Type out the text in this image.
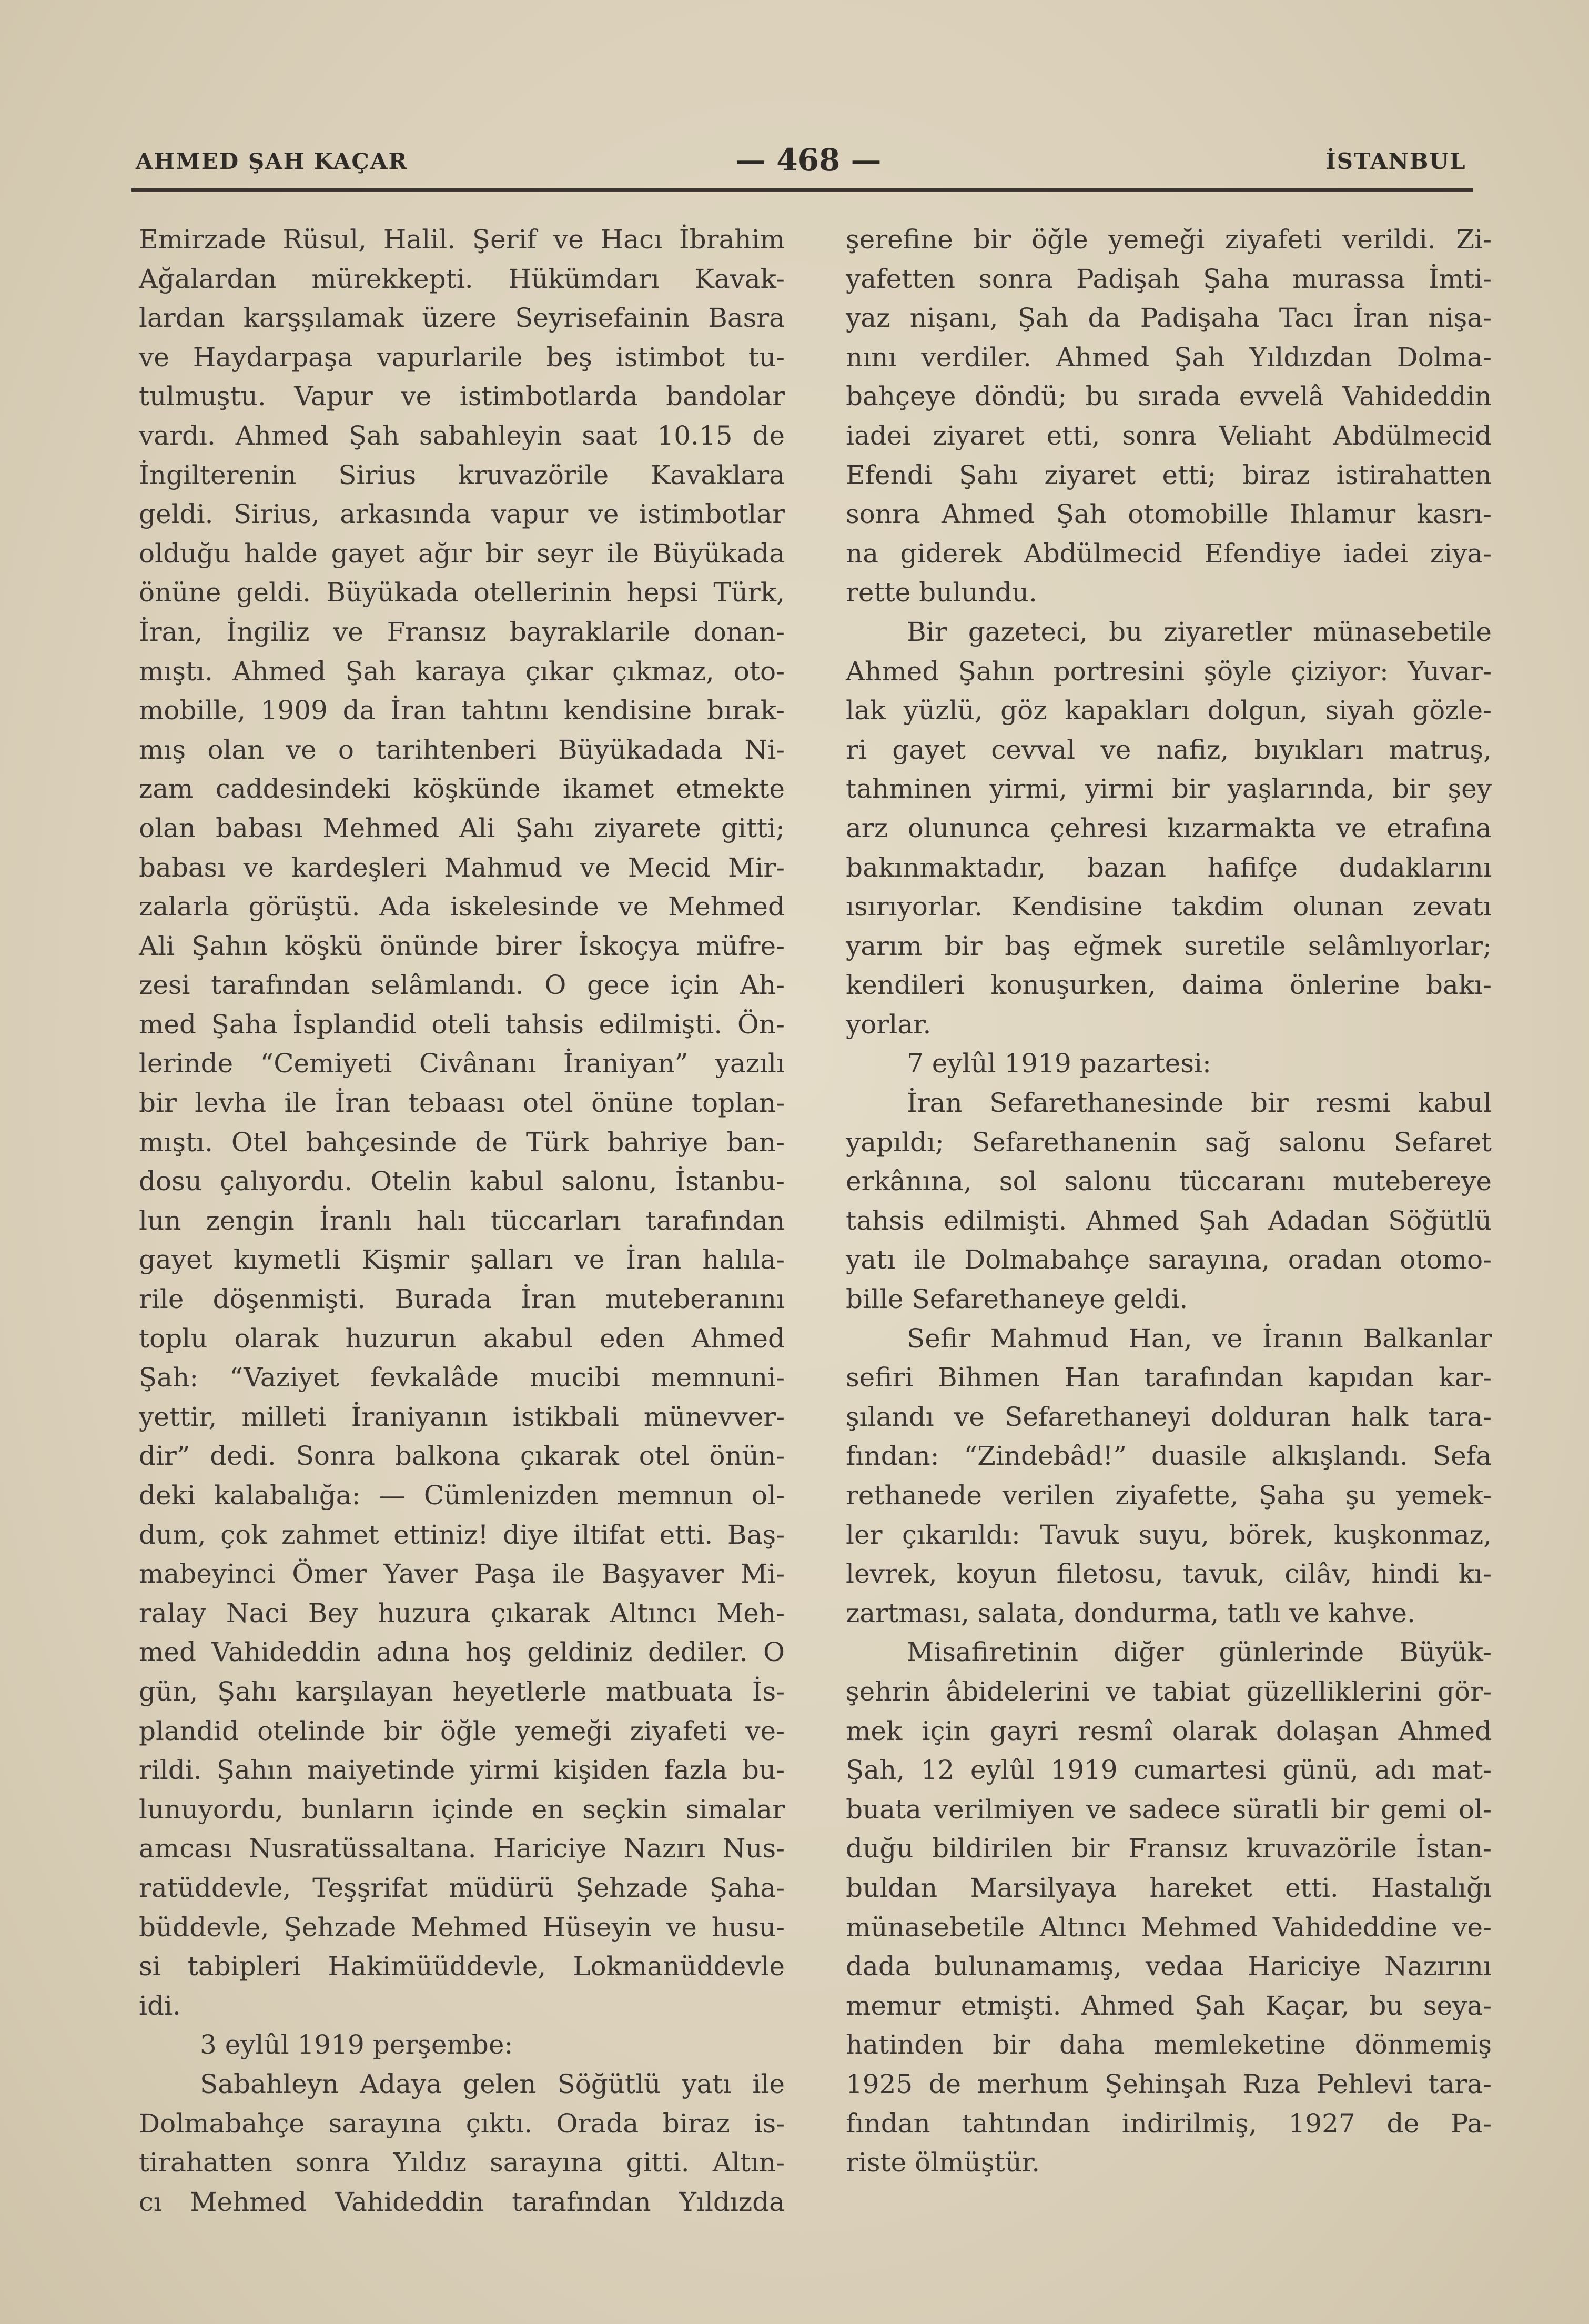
AHMED ŞAH KAÇAR	— 468 —	İSTANBUL
Emirzade Rüsul, Halil. Şerif ve Hacı İbrahim
Ağalardan mürekkepti. Hükümdarı Kavak-
lardan karşşılamak üzere Seyrisefainin Basra
ve Haydarpaşa vapurlarile beş istimbot tu-
tulmuştu. Vapur ve istimbotlarda bandolar
vardı. Ahmed Şah sabahleyin saat 10.15 de
İngilterenin Sirius kruvazörile Kavaklara
geldi. Sirius, arkasında vapur ve istimbotlar
olduğu halde gayet ağır bir seyr ile Büyükada
önüne geldi. Büyükada otellerinin hepsi Türk,
İran, İngiliz ve Fransız bayraklarile donan-
mıştı. Ahmed Şah karaya çıkar çıkmaz, oto-
mobille, 1909 da İran tahtını kendisine bırak-
mış olan ve o tarihtenberi Büyükadada Ni-
zam caddesindeki köşkünde ikamet etmekte
olan babası Mehmed Ali Şahı ziyarete gitti;
babası ve kardeşleri Mahmud ve Mecid Mir-
zalarla görüştü. Ada iskelesinde ve Mehmed
Ali Şahın köşkü önünde birer İskoçya müfre-
zesi tarafından selâmlandı. O gece için Ah-
med Şaha İsplandid oteli tahsis edilmişti. Ön-
lerinde “Cemiyeti Civânanı İraniyan” yazılı
bir levha ile İran tebaası otel önüne toplan-
mıştı. Otel bahçesinde de Türk bahriye ban-
dosu çalıyordu. Otelin kabul salonu, İstanbu-
lun zengin İranlı halı tüccarları tarafından
gayet kıymetli Kişmir şalları ve İran halıla-
rile döşenmişti. Burada İran muteberanını
toplu olarak huzurun akabul eden Ahmed
Şah: “Vaziyet fevkalâde mucibi memnuni-
yettir, milleti İraniyanın istikbali münevver-
dir” dedi. Sonra balkona çıkarak otel önün-
deki kalabalığa: — Cümlenizden memnun ol-
dum, çok zahmet ettiniz! diye iltifat etti. Baş-
mabeyinci Ömer Yaver Paşa ile Başyaver Mi-
ralay Naci Bey huzura çıkarak Altıncı Meh-
med Vahideddin adına hoş geldiniz dediler. O
gün, Şahı karşılayan heyetlerle matbuata İs-
plandid otelinde bir öğle yemeği ziyafeti ve-
rildi. Şahın maiyetinde yirmi kişiden fazla bu-
lunuyordu, bunların içinde en seçkin simalar
amcası Nusratüssaltana. Hariciye Nazırı Nus-
ratüddevle, Teşşrifat müdürü Şehzade Şaha-
büddevle, Şehzade Mehmed Hüseyin ve husu-
si tabipleri Hakimüüddevle, Lokmanüddevle
idi.
3 eylûl 1919 perşembe:
Sabahleyn Adaya gelen Söğütlü yatı ile
Dolmabahçe sarayına çıktı. Orada biraz is-
tirahatten sonra Yıldız sarayına gitti. Altın-
cı Mehmed Vahideddin tarafından Yıldızda
şerefine bir öğle yemeği ziyafeti verildi. Zi-
yafetten sonra Padişah Şaha murassa İmti-
yaz nişanı, Şah da Padişaha Tacı İran nişa-
nını verdiler. Ahmed Şah Yıldızdan Dolma-
bahçeye döndü; bu sırada evvelâ Vahideddin
iadei ziyaret etti, sonra Veliaht Abdülmecid
Efendi Şahı ziyaret etti; biraz istirahatten
sonra Ahmed Şah otomobille Ihlamur kasrı-
na giderek Abdülmecid Efendiye iadei ziya-
rette bulundu.
Bir gazeteci, bu ziyaretler münasebetile
Ahmed Şahın portresini şöyle çiziyor: Yuvar-
lak yüzlü, göz kapakları dolgun, siyah gözle-
ri gayet cevval ve nafiz, bıyıkları matruş,
tahminen yirmi, yirmi bir yaşlarında, bir şey
arz olununca çehresi kızarmakta ve etrafına
bakınmaktadır, bazan hafifçe dudaklarını
ısırıyorlar. Kendisine takdim olunan zevatı
yarım bir baş eğmek suretile selâmlıyorlar;
kendileri konuşurken, daima önlerine bakı-
yorlar.
7 eylûl 1919 pazartesi:
İran Sefarethanesinde bir resmi kabul
yapıldı; Sefarethanenin sağ salonu Sefaret
erkânına, sol salonu tüccaranı mutebereye
tahsis edilmişti. Ahmed Şah Adadan Söğütlü
yatı ile Dolmabahçe sarayına, oradan otomo-
bille Sefarethaneye geldi.
Sefir Mahmud Han, ve İranın Balkanlar
sefiri Bihmen Han tarafından kapıdan kar-
şılandı ve Sefarethaneyi dolduran halk tara-
fından: “Zindebâd!” duasile alkışlandı. Sefa
rethanede verilen ziyafette, Şaha şu yemek-
ler çıkarıldı: Tavuk suyu, börek, kuşkonmaz,
levrek, koyun filetosu, tavuk, cilâv, hindi kı-
zartması, salata, dondurma, tatlı ve kahve.
Misafiretinin diğer günlerinde Büyük-
şehrin âbidelerini ve tabiat güzelliklerini gör-
mek için gayri resmî olarak dolaşan Ahmed
Şah, 12 eylûl 1919 cumartesi günü, adı mat-
buata verilmiyen ve sadece süratli bir gemi ol-
duğu bildirilen bir Fransız kruvazörile İstan-
buldan Marsilyaya hareket etti. Hastalığı
münasebetile Altıncı Mehmed Vahideddine ve-
dada bulunamamış, vedaa Hariciye Nazırını
memur etmişti. Ahmed Şah Kaçar, bu seya-
hatinden bir daha memleketine dönmemiş
1925 de merhum Şehinşah Rıza Pehlevi tara-
fından tahtından indirilmiş, 1927 de Pa-
riste ölmüştür.
